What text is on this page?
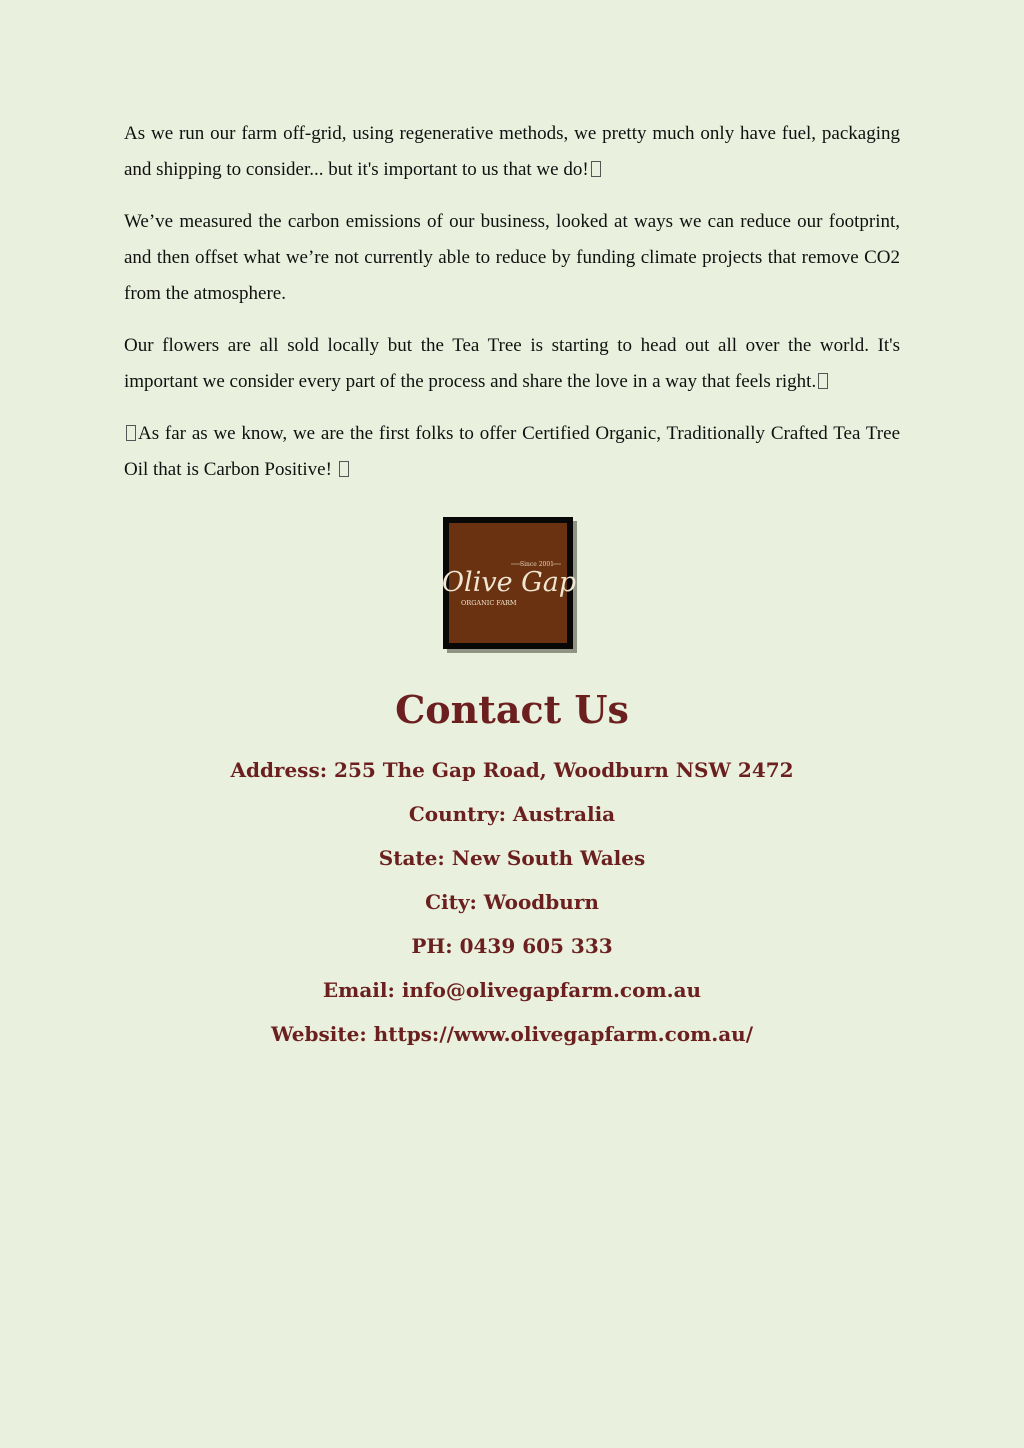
As we run our farm off-grid, using regenerative methods, we pretty much only have fuel, packaging and shipping to consider... but it's important to us that we do!

We’ve measured the carbon emissions of our business, looked at ways we can reduce our footprint, and then offset what we’re not currently able to reduce by funding climate projects that remove CO2 from the atmosphere.

Our flowers are all sold locally but the Tea Tree is starting to head out all over the world. It's important we consider every part of the process and share the love in a way that feels right.

As far as we know, we are the first folks to offer Certified Organic, Traditionally Crafted Tea Tree Oil that is Carbon Positive!

Since 2001
Olive Gap
ORGANIC FARM
Contact Us
Address: 255 The Gap Road, Woodburn NSW 2472
Country: Australia
State: New South Wales
City: Woodburn
PH: 0439 605 333
Email: info@olivegapfarm.com.au
Website: https://www.olivegapfarm.com.au/
